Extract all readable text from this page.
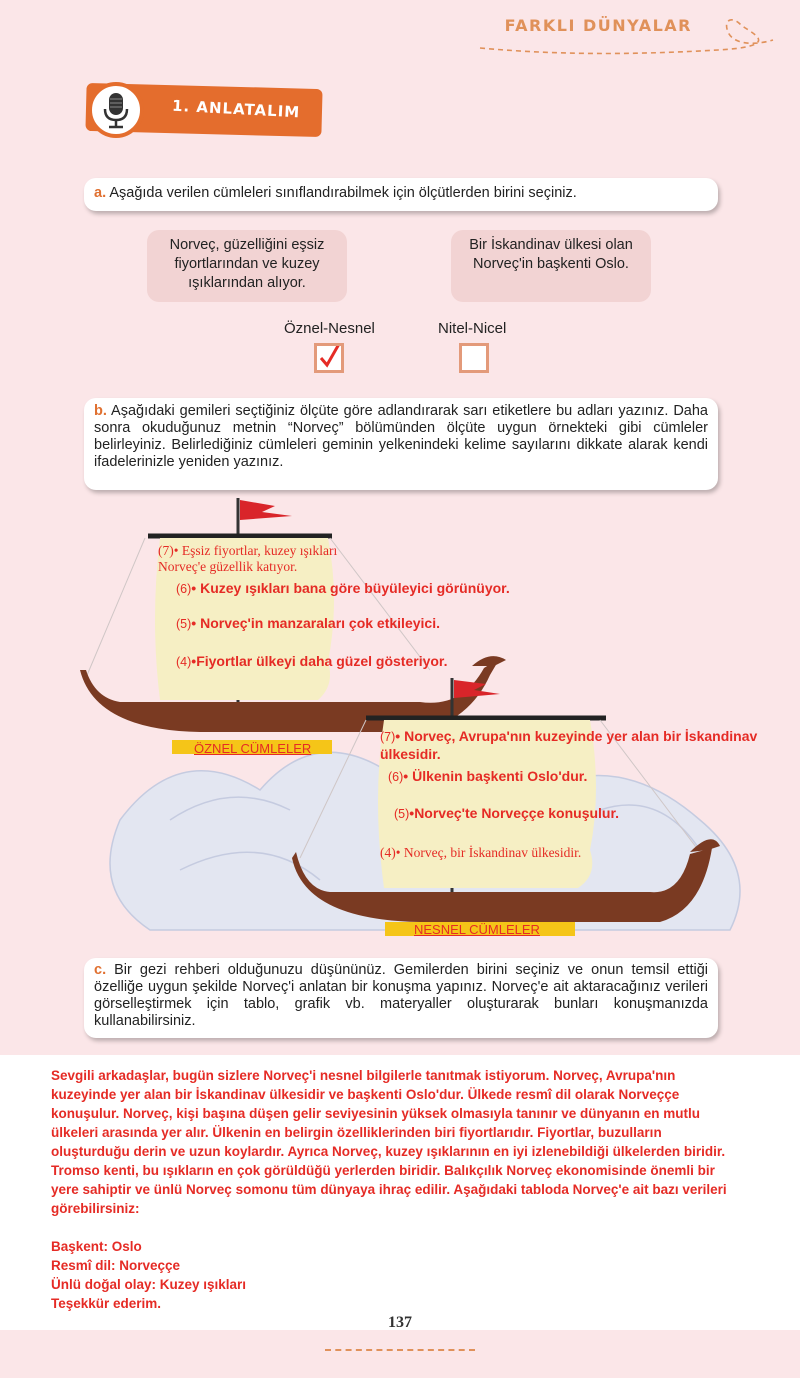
FARKLI DÜNYALAR
1. ANLATALIM
a. Aşağıda verilen cümleleri sınıflandırabilmek için ölçütlerden birini seçiniz.
Norveç, güzelliğini eşsiz fiyortlarından ve kuzey ışıklarından alıyor.
Bir İskandinav ülkesi olan Norveç'in başkenti Oslo.
Öznel-Nesnel	Nitel-Nicel
b. Aşağıdaki gemileri seçtiğiniz ölçüte göre adlandırarak sarı etiketlere bu adları yazınız. Daha sonra okuduğunuz metnin “Norveç” bölümünden ölçüte uygun örnekteki gibi cümleler belirleyiniz. Belirlediğiniz cümleleri geminin yelkenindeki kelime sayılarını dikkate alarak kendi ifadelerinizle yeniden yazınız.
(7)• Eşsiz fiyortlar, kuzey ışıkları Norveç'e güzellik katıyor.
(6)• Kuzey ışıkları bana göre büyüleyici görünüyor.
(5)• Norveç'in manzaraları çok etkileyici.
(4)•Fiyortlar ülkeyi daha güzel gösteriyor.
ÖZNEL CÜMLELER
(7)• Norveç, Avrupa'nın kuzeyinde yer alan bir İskandinav ülkesidir.
(6)• Ülkenin başkenti Oslo'dur.
(5)•Norveç'te Norveççe konuşulur.
(4)• Norveç, bir İskandinav ülkesidir.
NESNEL CÜMLELER
c. Bir gezi rehberi olduğunuzu düşününüz. Gemilerden birini seçiniz ve onun temsil ettiği özelliğe uygun şekilde Norveç'i anlatan bir konuşma yapınız. Norveç'e ait aktaracağınız verileri görselleştirmek için tablo, grafik vb. materyaller oluşturarak bunları konuşmanızda kullanabilirsiniz.
Sevgili arkadaşlar, bugün sizlere Norveç'i nesnel bilgilerle tanıtmak istiyorum. Norveç, Avrupa'nın kuzeyinde yer alan bir İskandinav ülkesidir ve başkenti Oslo'dur. Ülkede resmî dil olarak Norveççe konuşulur. Norveç, kişi başına düşen gelir seviyesinin yüksek olmasıyla tanınır ve dünyanın en mutlu ülkeleri arasında yer alır. Ülkenin en belirgin özelliklerinden biri fiyortlarıdır. Fiyortlar, buzulların oluşturduğu derin ve uzun koylardır. Ayrıca Norveç, kuzey ışıklarının en iyi izlenebildiği ülkelerden biridir. Tromso kenti, bu ışıkların en çok görüldüğü yerlerden biridir. Balıkçılık Norveç ekonomisinde önemli bir yere sahiptir ve ünlü Norveç somonu tüm dünyaya ihraç edilir. Aşağıdaki tabloda Norveç'e ait bazı verileri görebilirsiniz:
Başkent: Oslo
Resmî dil: Norveççe
Ünlü doğal olay: Kuzey ışıkları
Teşekkür ederim.
137
